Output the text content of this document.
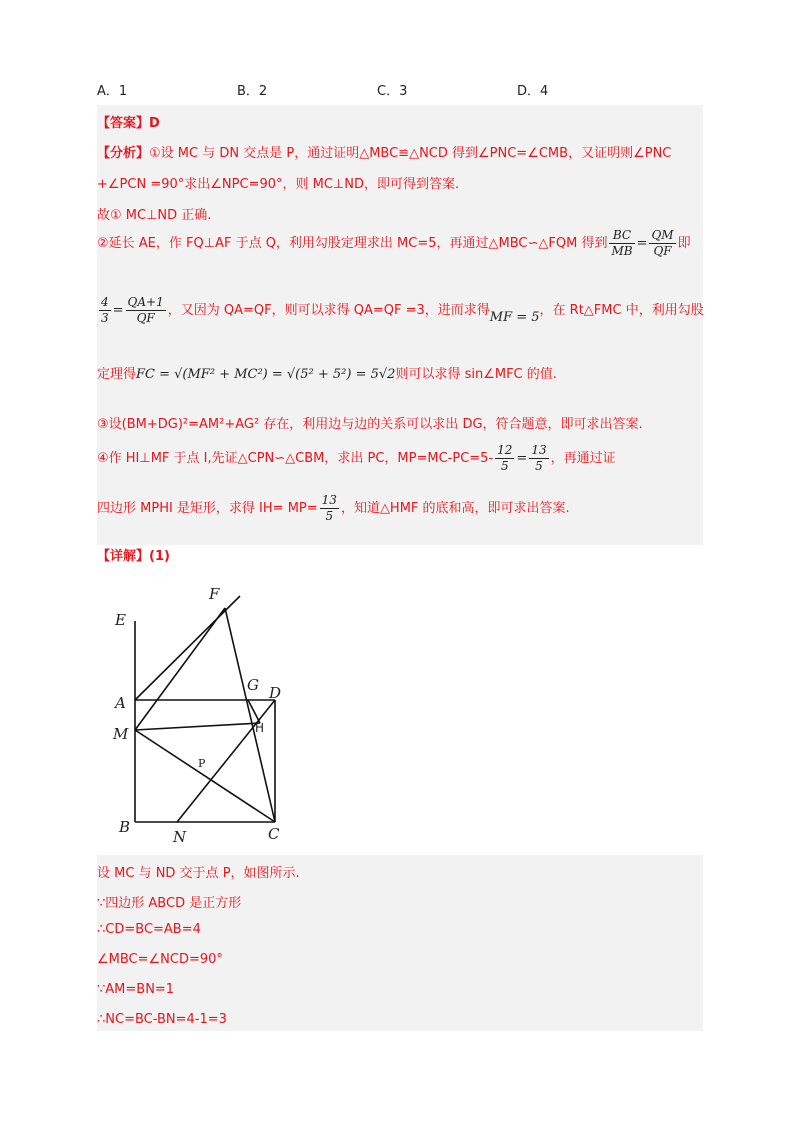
A．1	B．2	C．3	D．4
【答案】D
【分析】①设 MC 与 DN 交点是 P，通过证明△MBC≌△NCD 得到∠PNC=∠CMB，又证明则∠PNC
+∠PCN =90°求出∠NPC=90°，则 MC⊥ND，即可得到答案.
故① MC⊥ND 正确.
②延长 AE，作 FQ⊥AF 于点 Q，利用勾股定理求出 MC=5，再通过△MBC∽△FQM 得到 $\frac{BC}{MB} = \frac{QM}{QF}$ 即
$\frac{4}{3} = \frac{QA+1}{QF}$ ，又因为 QA=QF，则可以求得 QA=QF =3，进而求得MF = 5，在 Rt△FMC 中，利用勾股
定理得FC = √(MF² + MC²) = √(5² + 5²) = 5√2则可以求得 sin∠MFC 的值.
③设(BM+DG)²=AM²+AG² 存在，利用边与边的关系可以求出 DG，符合题意，即可求出答案.
④作 HI⊥MF 于点 I,先证△CPN∽△CBM，求出 PC，$MP=MC-PC=5- \frac{12}{5} = \frac{13}{5}$ ，再通过证
四边形 MPHI 是矩形，求得 $IH= MP= \frac{13}{5}$ ，知道△HMF 的底和高，即可求出答案.
【详解】(1)
F
E
G D
A
H
M
P
B
N	C
设 MC 与 ND 交于点 P，如图所示.
∵四边形 ABCD 是正方形
∴CD=BC=AB=4
∠MBC=∠NCD=90°
∵AM=BN=1
∴NC=BC-BN=4-1=3
